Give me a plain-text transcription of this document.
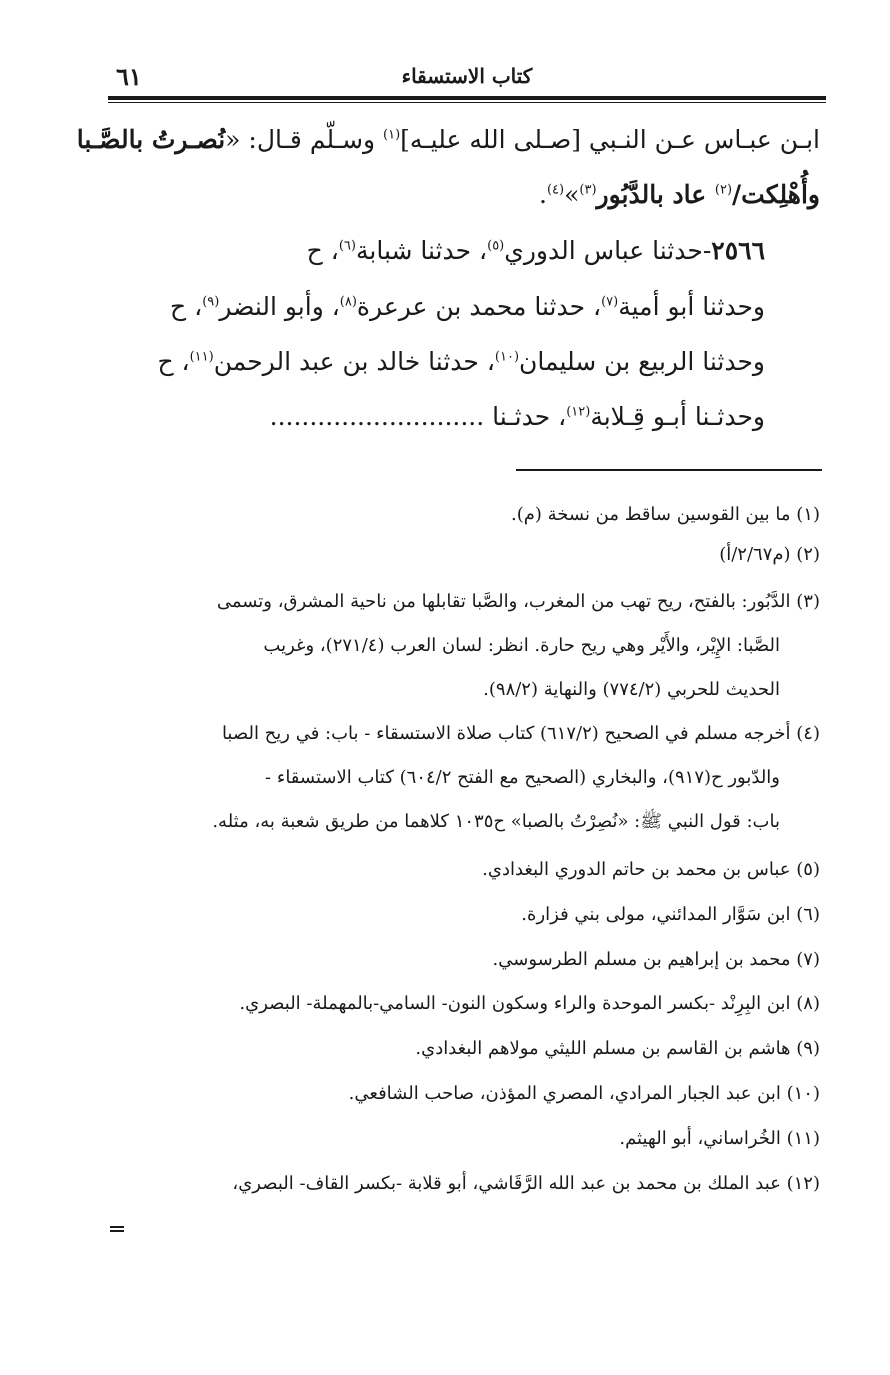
٦١	كتاب الاستسقاء
ابـن عبـاس عـن النـبي [صـلى الله عليـه]$^{(١)}$ وسـلّم قـال: «نُصـرتُ بالصَّـبا
وأُهْلِكت/$^{(٢)}$ عاد بالدَّبُور$^{(٣)}$»$^{(٤)}$.
٢٥٦٦-حدثنا عباس الدوري$^{(٥)}$، حدثنا شبابة$^{(٦)}$، ح
وحدثنا أبو أمية$^{(٧)}$، حدثنا محمد بن عرعرة$^{(٨)}$، وأبو النضر$^{(٩)}$، ح
وحدثنا الربيع بن سليمان$^{(١٠)}$، حدثنا خالد بن عبد الرحمن$^{(١١)}$، ح
وحدثـنا أبـو قِـلابة$^{(١٢)}$، حدثـنا ...........................
(١) ما بين القوسين ساقط من نسخة (م).
(٢) (م٢/٦٧/أ)
(٣) الدَّبُور: بالفتح، ريح تهب من المغرب، والصَّبا تقابلها من ناحية المشرق، وتسمى
الصَّبا: الإِيْر، والأَيْر وهي ريح حارة. انظر: لسان العرب (٢٧١/٤)، وغريب
الحديث للحربي (٧٧٤/٢) والنهاية (٩٨/٢).
(٤) أخرجه مسلم في الصحيح (٦١٧/٢) كتاب صلاة الاستسقاء - باب: في ريح الصبا
والدّبور ح(٩١٧)، والبخاري (الصحيح مع الفتح ٦٠٤/٢) كتاب الاستسقاء -
باب: قول النبي ﷺ: «نُصِرْتُ بالصبا» ح١٠٣٥ كلاهما من طريق شعبة به، مثله.
(٥) عباس بن محمد بن حاتم الدوري البغدادي.
(٦) ابن سَوَّار المدائني، مولى بني فزارة.
(٧) محمد بن إبراهيم بن مسلم الطرسوسي.
(٨) ابن البِرِنْد -بكسر الموحدة والراء وسكون النون- السامي-بالمهملة- البصري.
(٩) هاشم بن القاسم بن مسلم الليثي مولاهم البغدادي.
(١٠) ابن عبد الجبار المرادي، المصري المؤذن، صاحب الشافعي.
(١١) الخُراساني، أبو الهيثم.
(١٢) عبد الملك بن محمد بن عبد الله الرَّقَاشي، أبو قلابة -بكسر القاف- البصري،
